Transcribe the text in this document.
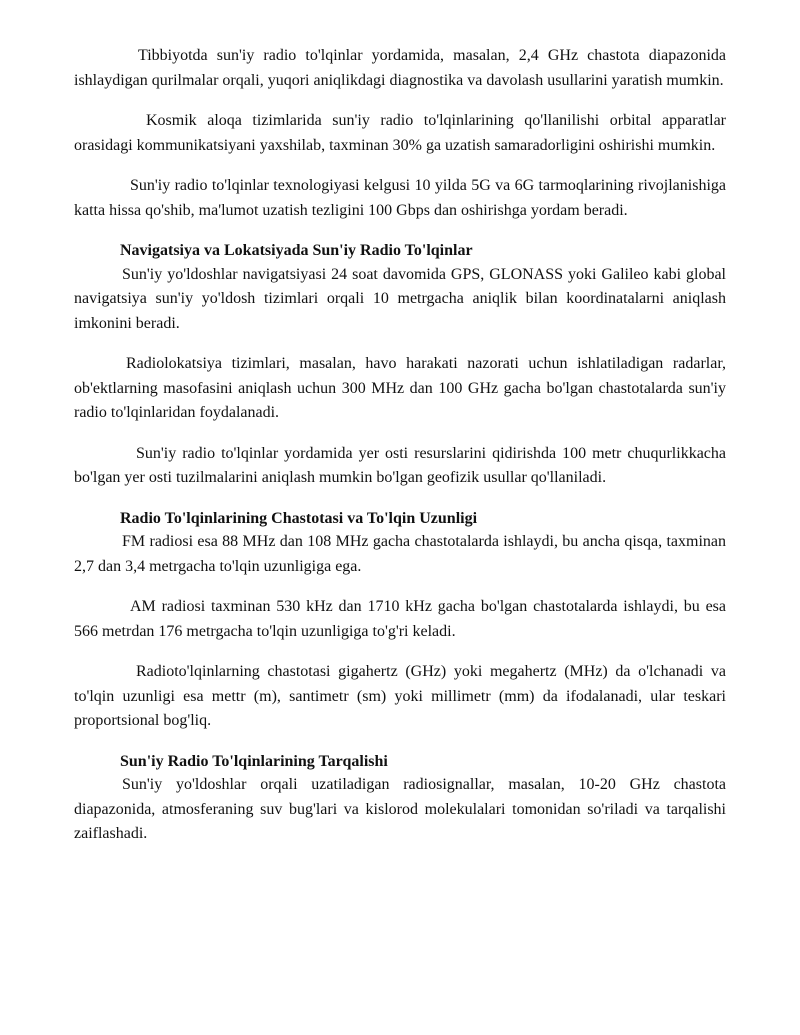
Tibbiyotda sun'iy radio to'lqinlar yordamida, masalan, 2,4 GHz chastota diapazonida ishlaydigan qurilmalar orqali, yuqori aniqlikdagi diagnostika va davolash usullarini yaratish mumkin.

Kosmik aloqa tizimlarida sun'iy radio to'lqinlarining qo'llanilishi orbital apparatlar orasidagi kommunikatsiyani yaxshilab, taxminan 30% ga uzatish samaradorligini oshirishi mumkin.

Sun'iy radio to'lqinlar texnologiyasi kelgusi 10 yilda 5G va 6G tarmoqlarining rivojlanishiga katta hissa qo'shib, ma'lumot uzatish tezligini 100 Gbps dan oshirishga yordam beradi.

Navigatsiya va Lokatsiyada Sun'iy Radio To'lqinlar

Sun'iy yo'ldoshlar navigatsiyasi 24 soat davomida GPS, GLONASS yoki Galileo kabi global navigatsiya sun'iy yo'ldosh tizimlari orqali 10 metrgacha aniqlik bilan koordinatalarni aniqlash imkonini beradi.

Radiolokatsiya tizimlari, masalan, havo harakati nazorati uchun ishlatiladigan radarlar, ob'ektlarning masofasini aniqlash uchun 300 MHz dan 100 GHz gacha bo'lgan chastotalarda sun'iy radio to'lqinlaridan foydalanadi.

Sun'iy radio to'lqinlar yordamida yer osti resurslarini qidirishda 100 metr chuqurlikkacha bo'lgan yer osti tuzilmalarini aniqlash mumkin bo'lgan geofizik usullar qo'llaniladi.

Radio To'lqinlarining Chastotasi va To'lqin Uzunligi

FM radiosi esa 88 MHz dan 108 MHz gacha chastotalarda ishlaydi, bu ancha qisqa, taxminan 2,7 dan 3,4 metrgacha to'lqin uzunligiga ega.

AM radiosi taxminan 530 kHz dan 1710 kHz gacha bo'lgan chastotalarda ishlaydi, bu esa 566 metrdan 176 metrgacha to'lqin uzunligiga to'g'ri keladi.

Radioto'lqinlarning chastotasi gigahertz (GHz) yoki megahertz (MHz) da o'lchanadi va to'lqin uzunligi esa mettr (m), santimetr (sm) yoki millimetr (mm) da ifodalanadi, ular teskari proportsional bog'liq.

Sun'iy Radio To'lqinlarining Tarqalishi

Sun'iy yo'ldoshlar orqali uzatiladigan radiosignallar, masalan, 10-20 GHz chastota diapazonida, atmosferaning suv bug'lari va kislorod molekulalari tomonidan so'riladi va tarqalishi zaiflashadi.
